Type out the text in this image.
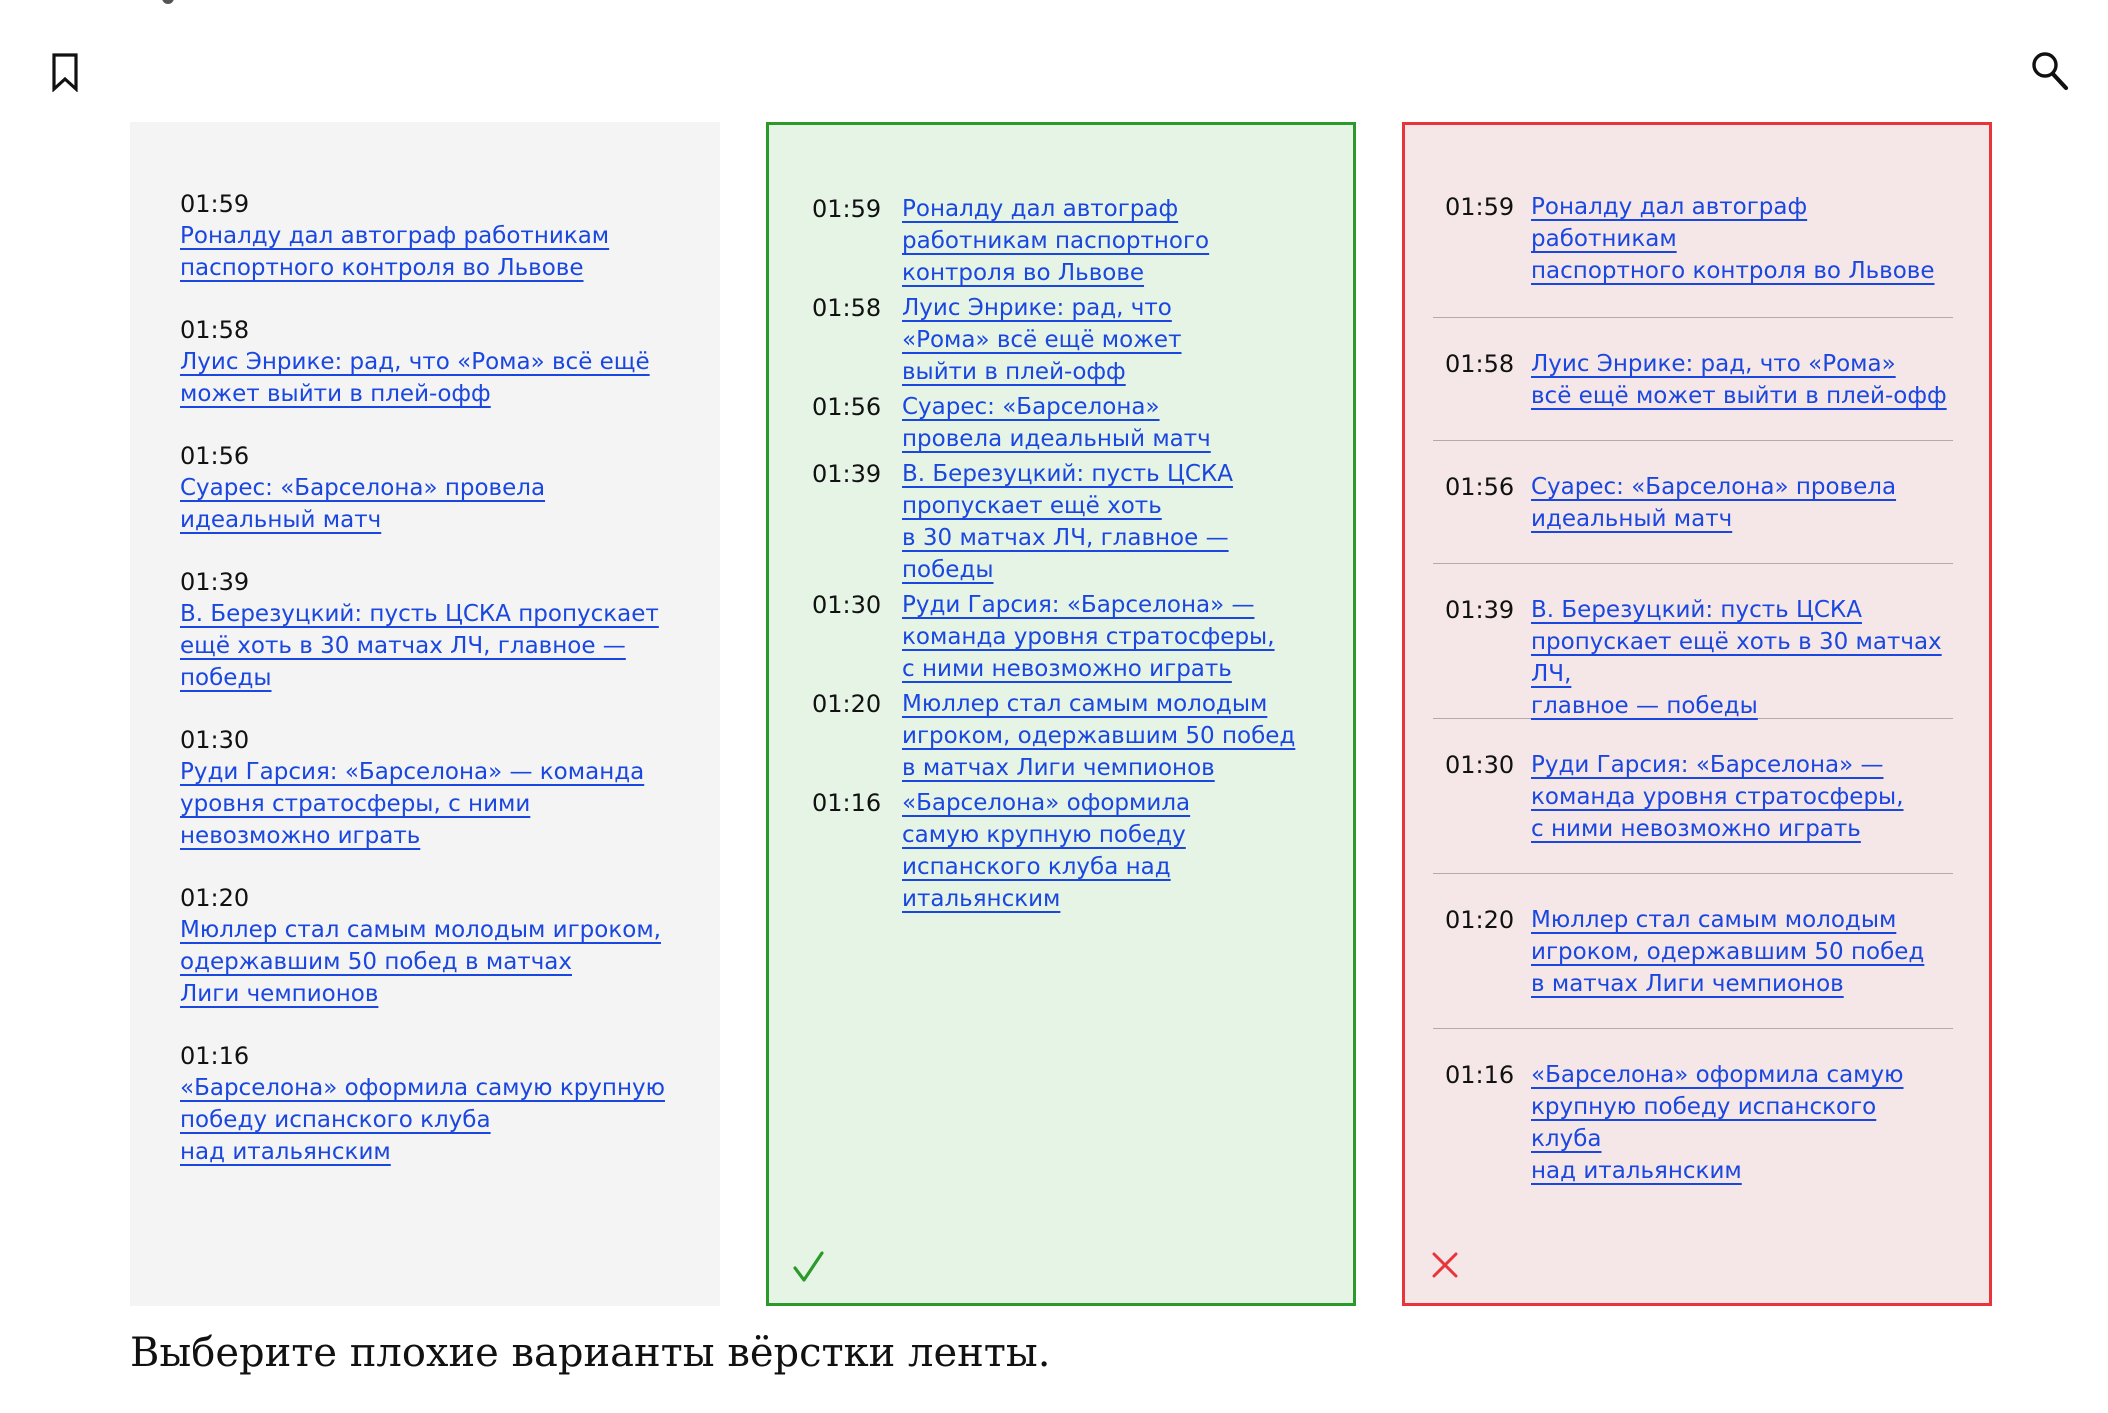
01:59
Роналду дал автограф работникам
паспортного контроля во Львове
01:58
Луис Энрике: рад, что «Рома» всё ещё
может выйти в плей-офф
01:56
Суарес: «Барселона» провела
идеальный матч
01:39
В. Березуцкий: пусть ЦСКА пропускает
ещё хоть в 30 матчах ЛЧ, главное —
победы
01:30
Руди Гарсия: «Барселона» — команда
уровня стратосферы, с ними
невозможно играть
01:20
Мюллер стал самым молодым игроком,
одержавшим 50 побед в матчах
Лиги чемпионов
01:16
«Барселона» оформила самую крупную
победу испанского клуба
над итальянским
01:59 Роналду дал автограф
работникам паспортного
контроля во Львове
01:58 Луис Энрике: рад, что
«Рома» всё ещё может
выйти в плей-офф
01:56 Суарес: «Барселона»
провела идеальный матч
01:39 В. Березуцкий: пусть ЦСКА
пропускает ещё хоть
в 30 матчах ЛЧ, главное — победы
01:30 Руди Гарсия: «Барселона» —
команда уровня стратосферы,
с ними невозможно играть
01:20 Мюллер стал самым молодым
игроком, одержавшим 50 побед
в матчах Лиги чемпионов
01:16 «Барселона» оформила
самую крупную победу
испанского клуба над итальянским
01:59 Роналду дал автограф работникам
паспортного контроля во Львове
01:58 Луис Энрике: рад, что «Рома»
всё ещё может выйти в плей-офф
01:56 Суарес: «Барселона» провела
идеальный матч
01:39 В. Березуцкий: пусть ЦСКА
пропускает ещё хоть в 30 матчах ЛЧ,
главное — победы
01:30 Руди Гарсия: «Барселона» —
команда уровня стратосферы,
с ними невозможно играть
01:20 Мюллер стал самым молодым
игроком, одержавшим 50 побед
в матчах Лиги чемпионов
01:16 «Барселона» оформила самую
крупную победу испанского клуба
над итальянским
Выберите плохие варианты вёрстки ленты.
